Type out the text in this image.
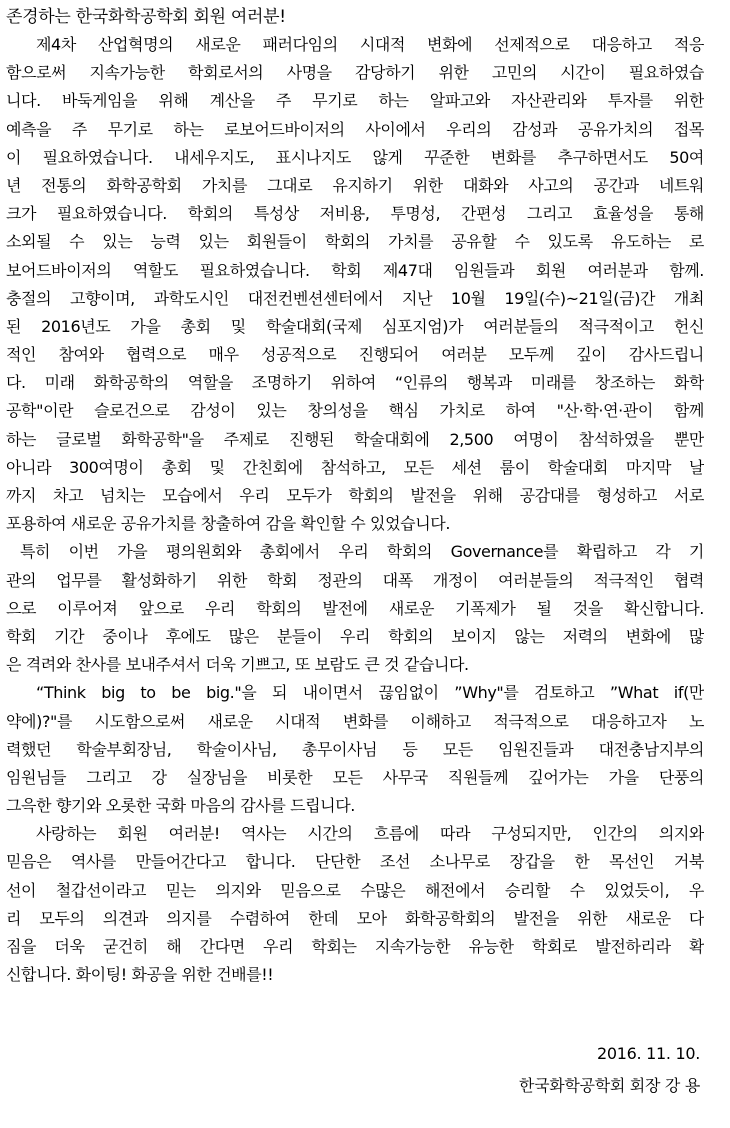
존경하는 한국화학공학회 회원 여러분!
제4차 산업혁명의 새로운 패러다임의 시대적 변화에 선제적으로 대응하고 적응
함으로써 지속가능한 학회로서의 사명을 감당하기 위한 고민의 시간이 필요하였습
니다. 바둑게임을 위해 계산을 주 무기로 하는 알파고와 자산관리와 투자를 위한
예측을 주 무기로 하는 로보어드바이저의 사이에서 우리의 감성과 공유가치의 접목
이 필요하였습니다. 내세우지도, 표시나지도 않게 꾸준한 변화를 추구하면서도 50여
년 전통의 화학공학회 가치를 그대로 유지하기 위한 대화와 사고의 공간과 네트워
크가 필요하였습니다. 학회의 특성상 저비용, 투명성, 간편성 그리고 효율성을 통해
소외될 수 있는 능력 있는 회원들이 학회의 가치를 공유할 수 있도록 유도하는 로
보어드바이저의 역할도 필요하였습니다. 학회 제47대 임원들과 회원 여러분과 함께.
충절의 고향이며, 과학도시인 대전컨벤션센터에서 지난 10월 19일(수)~21일(금)간 개최
된 2016년도 가을 총회 및 학술대회(국제 심포지엄)가 여러분들의 적극적이고 헌신
적인 참여와 협력으로 매우 성공적으로 진행되어 여러분 모두께 깊이 감사드립니
다. 미래 화학공학의 역할을 조명하기 위하여 “인류의 행복과 미래를 창조하는 화학
공학"이란 슬로건으로 감성이 있는 창의성을 핵심 가치로 하여 "산·학·연·관이 함께
하는 글로벌 화학공학"을 주제로 진행된 학술대회에 2,500 여명이 참석하였을 뿐만
아니라 300여명이 총회 및 간친회에 참석하고, 모든 세션 룸이 학술대회 마지막 날
까지 차고 넘치는 모습에서 우리 모두가 학회의 발전을 위해 공감대를 형성하고 서로
포용하여 새로운 공유가치를 창출하여 감을 확인할 수 있었습니다.
특히 이번 가을 평의원회와 총회에서 우리 학회의 Governance를 확립하고 각 기
관의 업무를 활성화하기 위한 학회 정관의 대폭 개정이 여러분들의 적극적인 협력
으로 이루어져 앞으로 우리 학회의 발전에 새로운 기폭제가 될 것을 확신합니다.
학회 기간 중이나 후에도 많은 분들이 우리 학회의 보이지 않는 저력의 변화에 많
은 격려와 찬사를 보내주셔서 더욱 기쁘고, 또 보람도 큰 것 같습니다.
“Think big to be big."을 되 내이면서 끊임없이 ”Why"를 검토하고 ”What if(만
약에)?"를 시도함으로써 새로운 시대적 변화를 이해하고 적극적으로 대응하고자 노
력했던 학술부회장님, 학술이사님, 총무이사님 등 모든 임원진들과 대전충남지부의
임원님들 그리고 강 실장님을 비롯한 모든 사무국 직원들께 깊어가는 가을 단풍의
그윽한 향기와 오롯한 국화 마음의 감사를 드립니다.
사랑하는 회원 여러분! 역사는 시간의 흐름에 따라 구성되지만, 인간의 의지와
믿음은 역사를 만들어간다고 합니다. 단단한 조선 소나무로 장갑을 한 목선인 거북
선이 철갑선이라고 믿는 의지와 믿음으로 수많은 해전에서 승리할 수 있었듯이, 우
리 모두의 의견과 의지를 수렴하여 한데 모아 화학공학회의 발전을 위한 새로운 다
짐을 더욱 굳건히 해 간다면 우리 학회는 지속가능한 유능한 학회로 발전하리라 확
신합니다. 화이팅! 화공을 위한 건배를!!
2016. 11. 10.
한국화학공학회 회장 강 용
